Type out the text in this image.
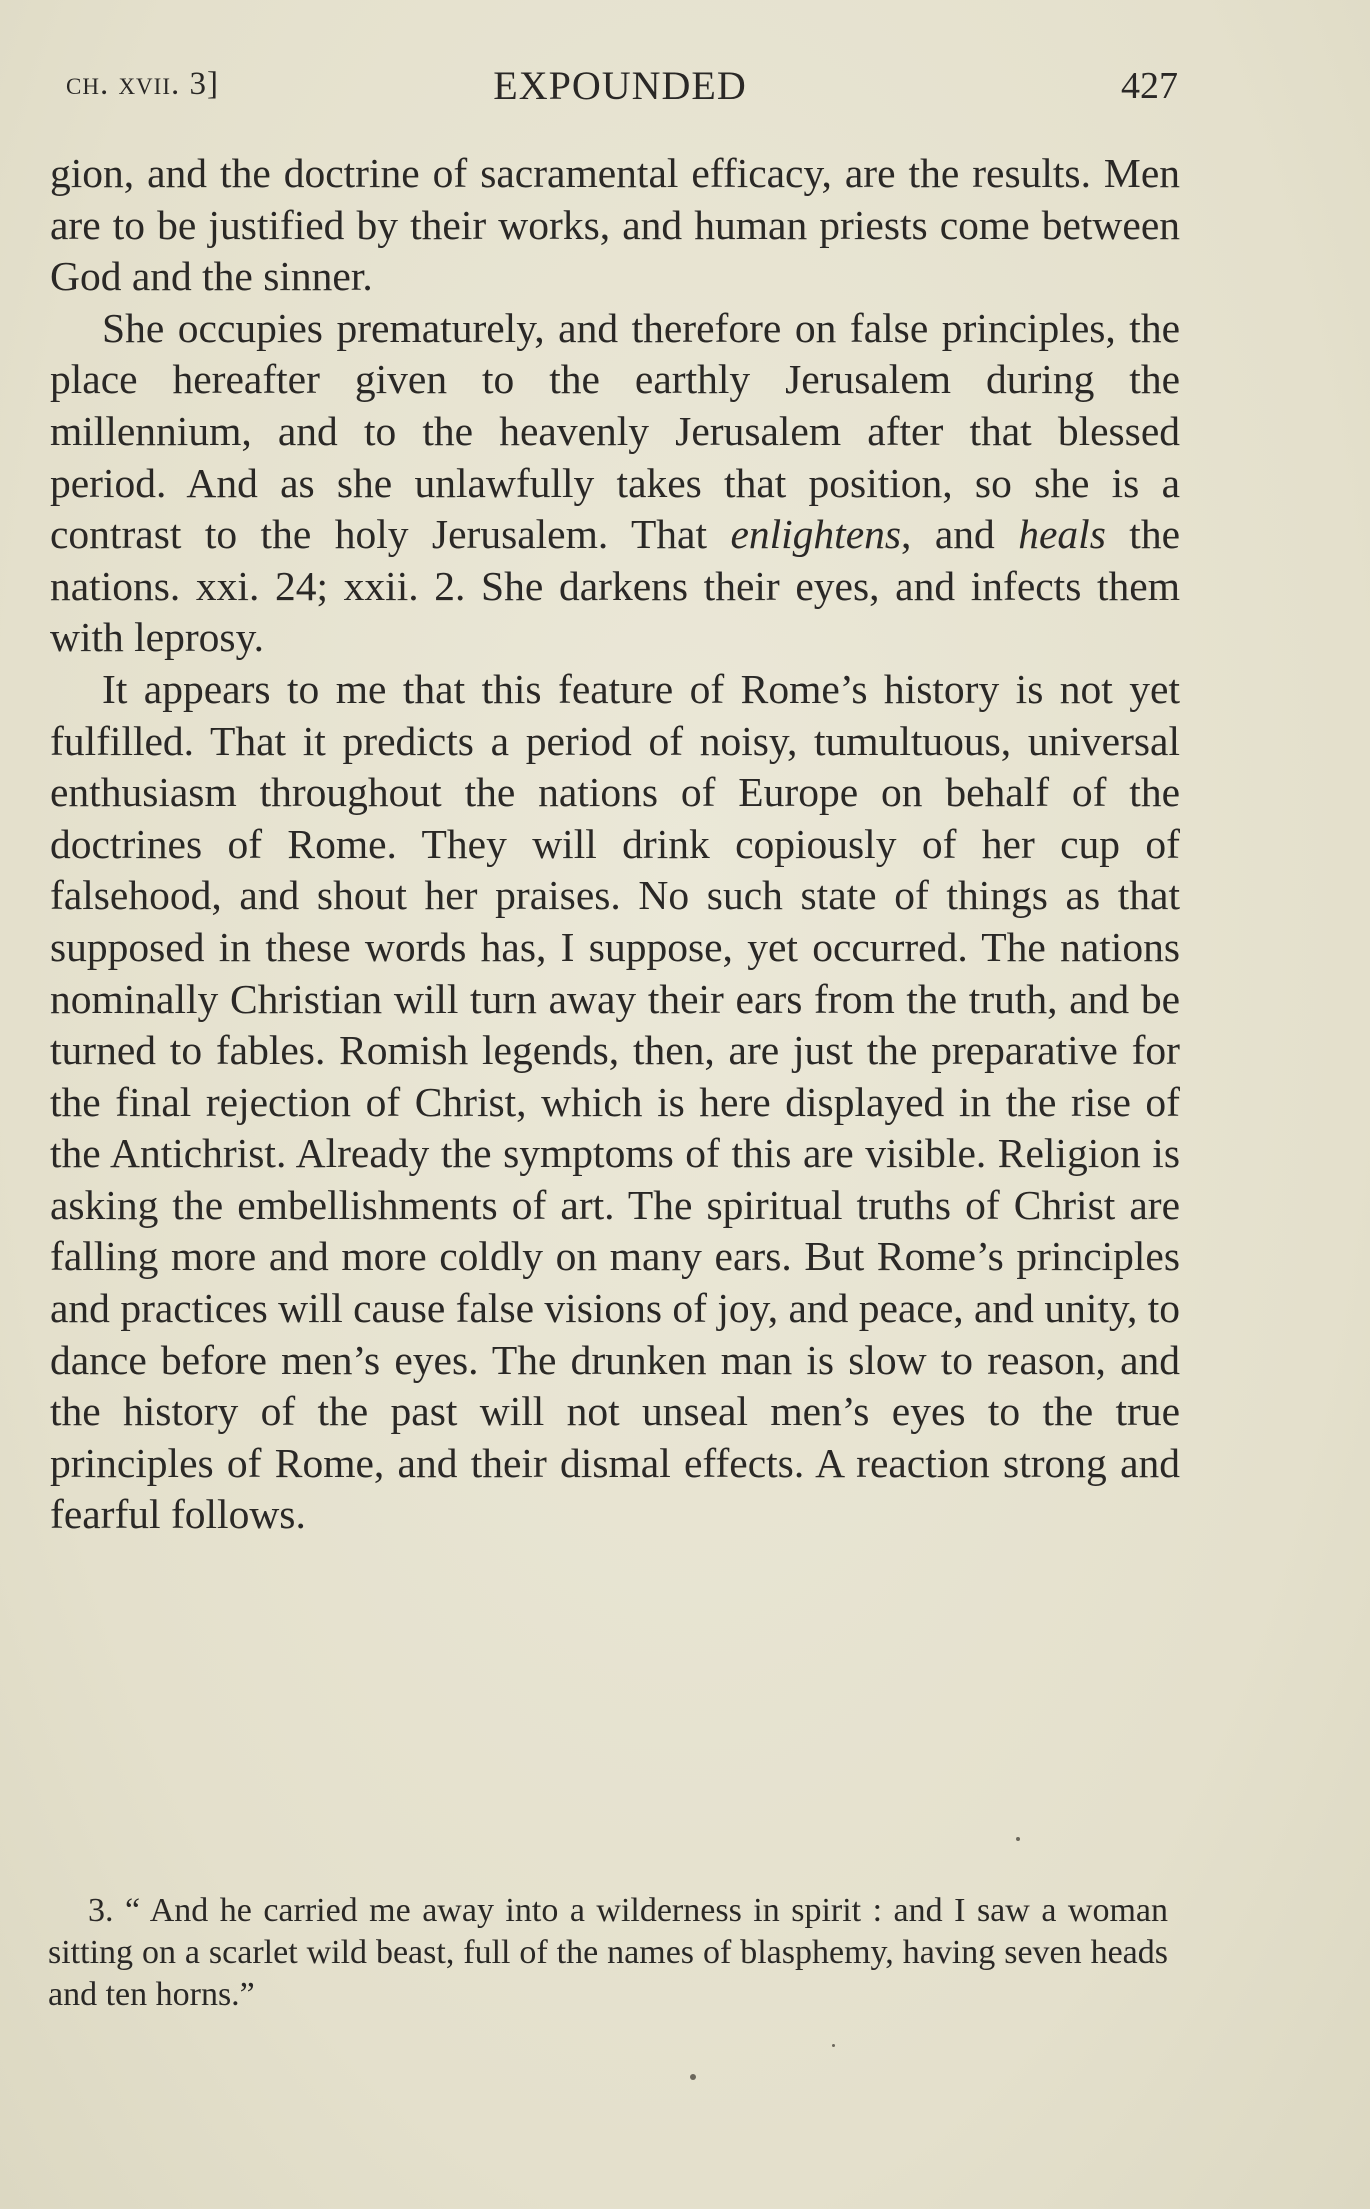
ch. xvii. 3]	EXPOUNDED	427

gion, and the doctrine of sacramental efficacy, are the results. Men are to be justified by their works, and human priests come between God and the sinner.

She occupies prematurely, and therefore on false principles, the place hereafter given to the earthly Jerusalem during the millennium, and to the heavenly Jerusalem after that blessed period. And as she unlawfully takes that position, so she is a contrast to the holy Jerusalem. That enlightens, and heals the nations. xxi. 24; xxii. 2. She darkens their eyes, and infects them with leprosy.

It appears to me that this feature of Rome’s history is not yet fulfilled. That it predicts a period of noisy, tumultuous, universal enthusiasm throughout the nations of Europe on behalf of the doctrines of Rome. They will drink copiously of her cup of falsehood, and shout her praises. No such state of things as that supposed in these words has, I suppose, yet occurred. The nations nominally Christian will turn away their ears from the truth, and be turned to fables. Romish legends, then, are just the preparative for the final rejection of Christ, which is here displayed in the rise of the Antichrist. Already the symptoms of this are visible. Religion is asking the embellishments of art. The spiritual truths of Christ are falling more and more coldly on many ears. But Rome’s principles and practices will cause false visions of joy, and peace, and unity, to dance before men’s eyes. The drunken man is slow to reason, and the history of the past will not unseal men’s eyes to the true principles of Rome, and their dismal effects. A reaction strong and fearful follows.

3. “ And he carried me away into a wilderness in spirit : and I saw a woman sitting on a scarlet wild beast, full of the names of blasphemy, having seven heads and ten horns.”
